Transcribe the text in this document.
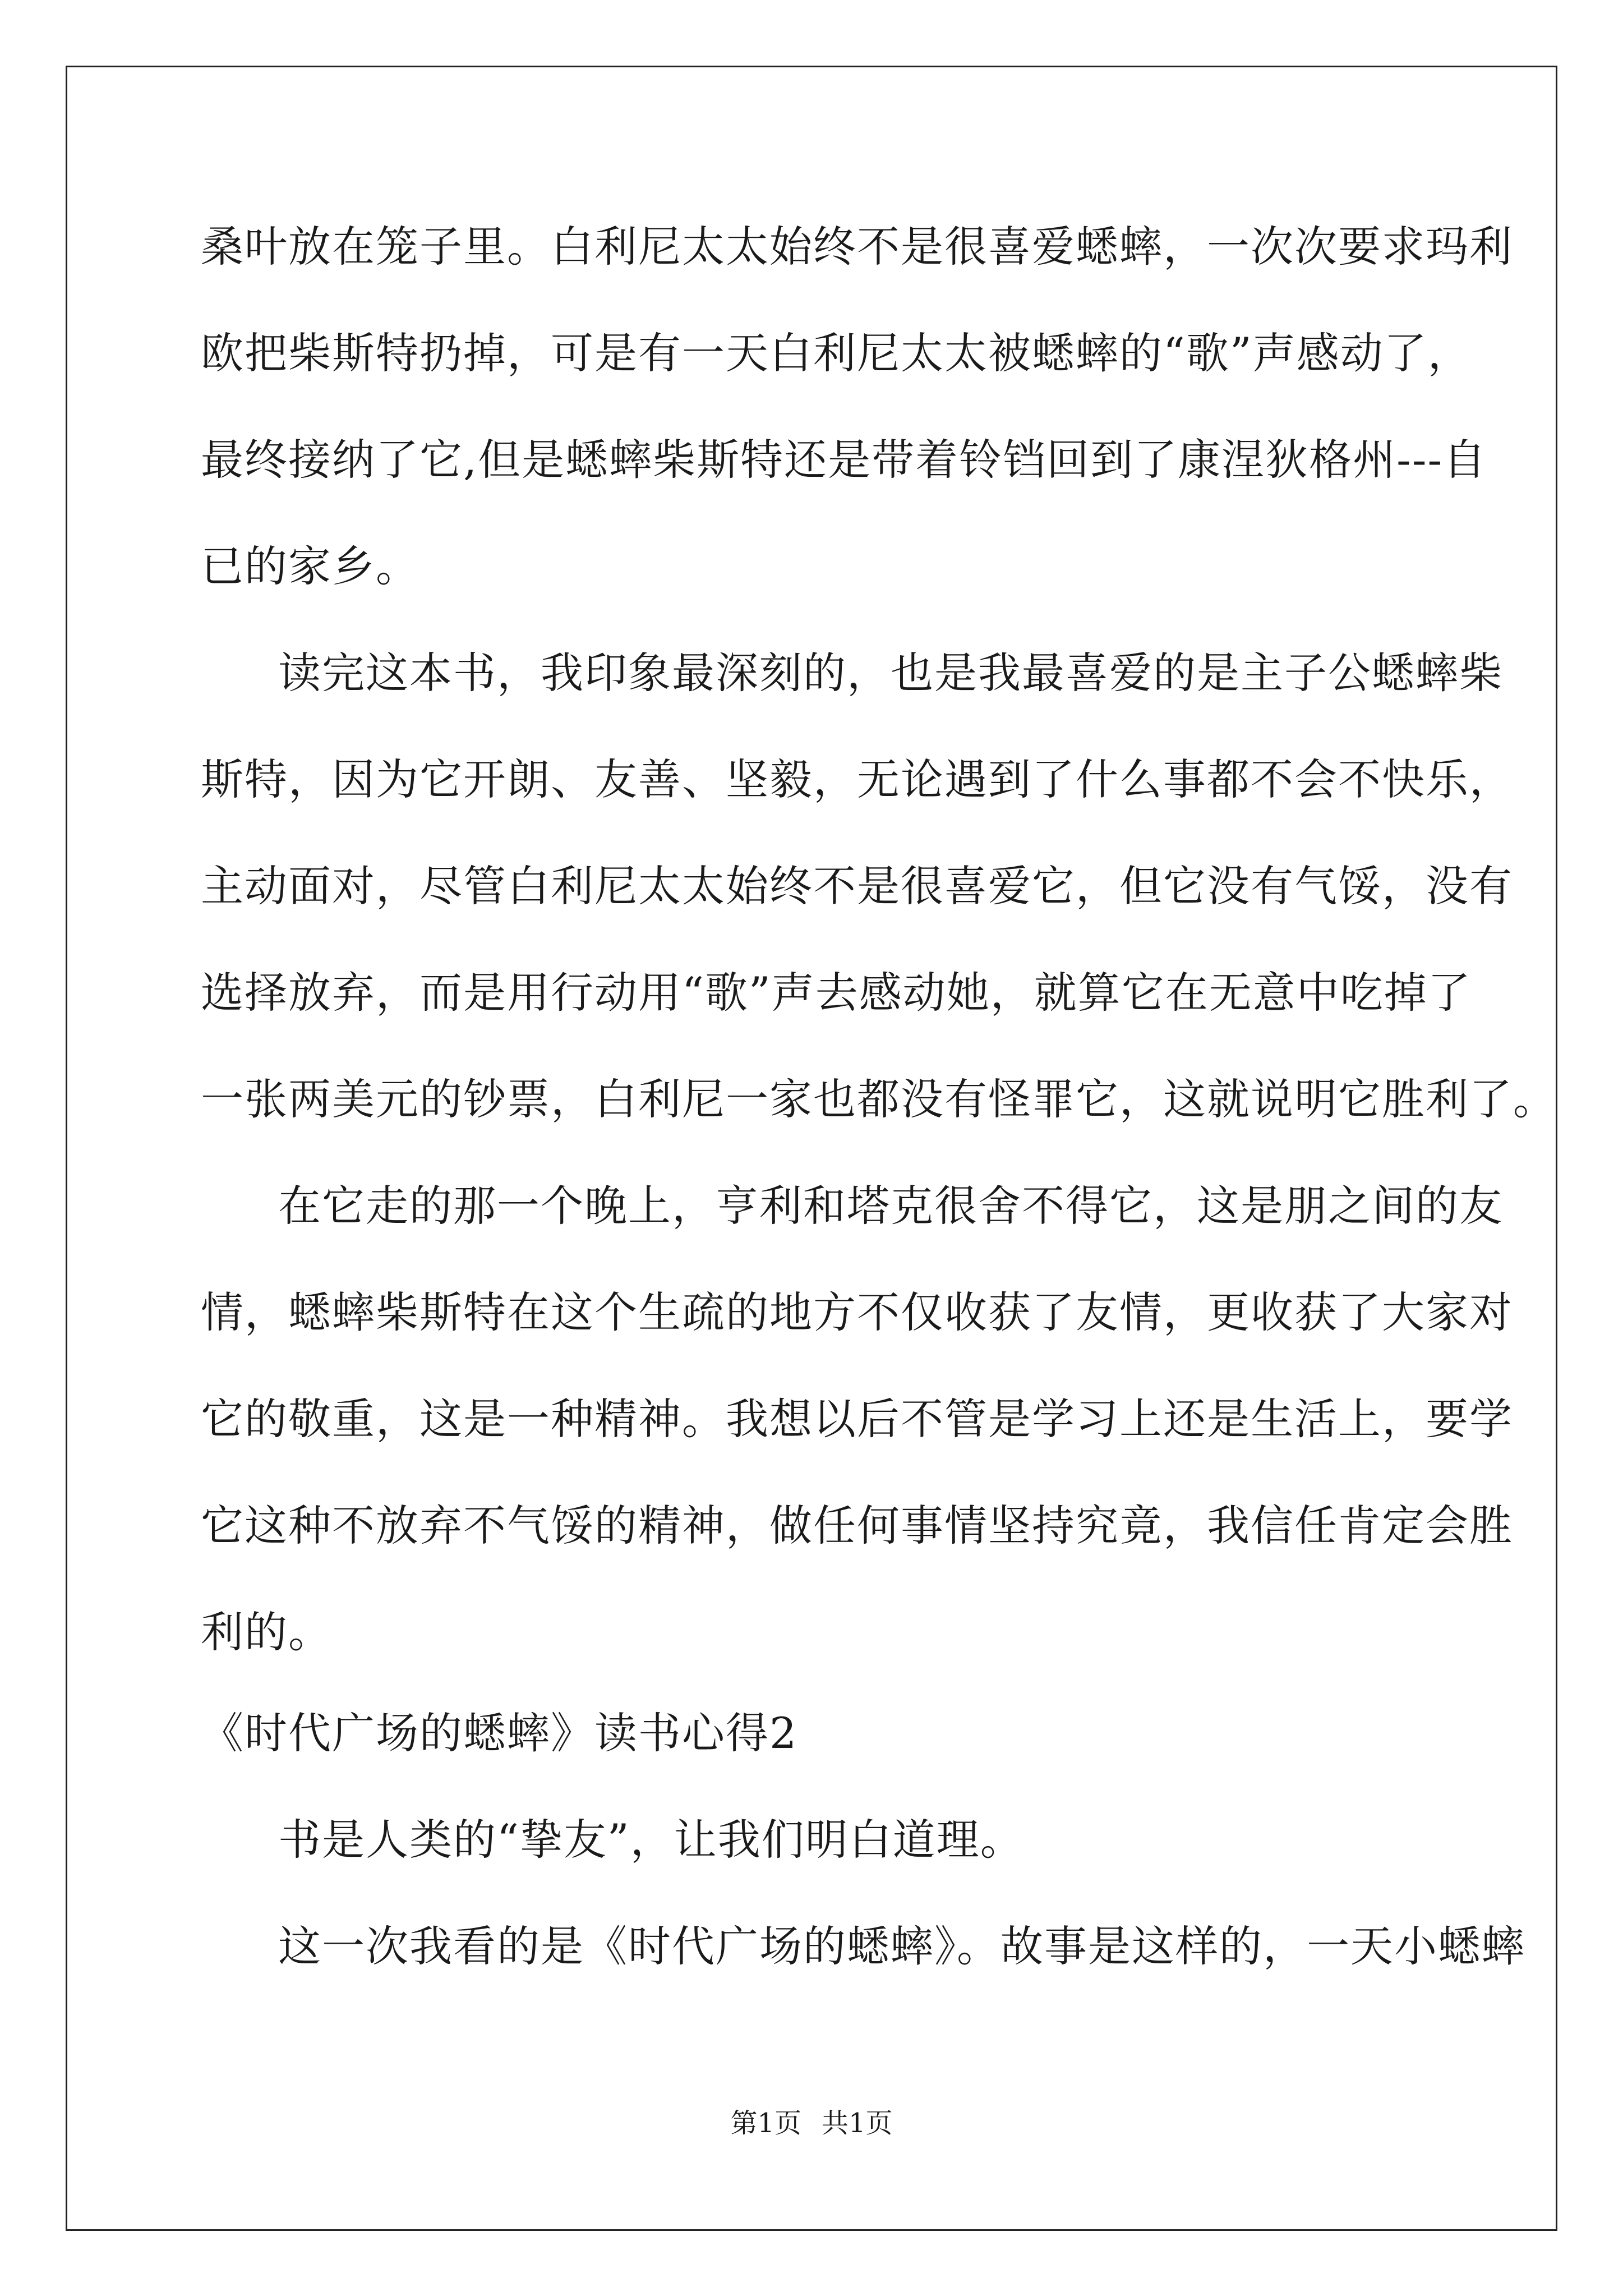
桑叶放在笼子里。白利尼太太始终不是很喜爱蟋蟀，一次次要求玛利
欧把柴斯特扔掉，可是有一天白利尼太太被蟋蟀的“歌”声感动了，
最终接纳了它,但是蟋蟀柴斯特还是带着铃铛回到了康涅狄格州---自
已的家乡。
读完这本书，我印象最深刻的，也是我最喜爱的是主子公蟋蟀柴
斯特，因为它开朗、友善、坚毅，无论遇到了什么事都不会不快乐，
主动面对，尽管白利尼太太始终不是很喜爱它，但它没有气馁，没有
选择放弃，而是用行动用“歌”声去感动她，就算它在无意中吃掉了
一张两美元的钞票，白利尼一家也都没有怪罪它，这就说明它胜利了。
在它走的那一个晚上，亨利和塔克很舍不得它，这是朋之间的友
情，蟋蟀柴斯特在这个生疏的地方不仅收获了友情，更收获了大家对
它的敬重，这是一种精神。我想以后不管是学习上还是生活上，要学
它这种不放弃不气馁的精神，做任何事情坚持究竟，我信任肯定会胜
利的。
《时代广场的蟋蟀》读书心得2
书是人类的“挚友”，让我们明白道理。
这一次我看的是《时代广场的蟋蟀》。故事是这样的，一天小蟋蟀
第1页 共1页
